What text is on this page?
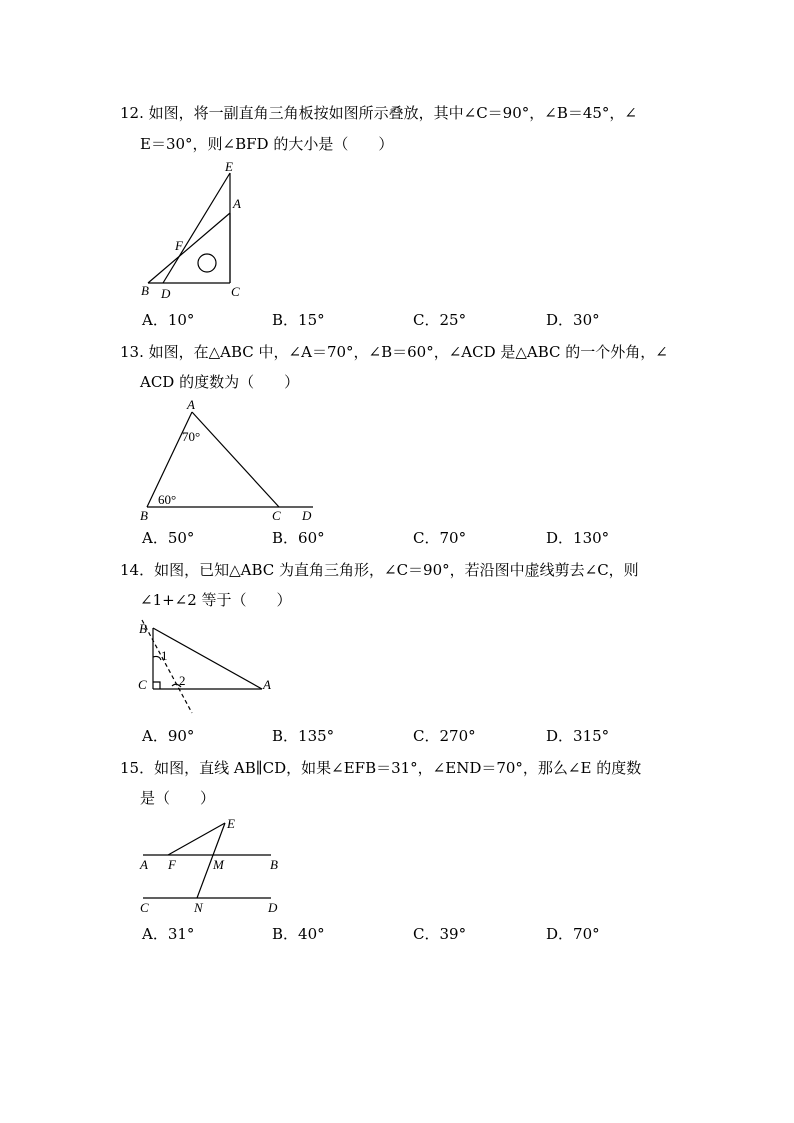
12. 如图，将一副直角三角板按如图所示叠放，其中∠C＝90°，∠B＝45°，∠
E＝30°，则∠BFD 的大小是（　　）
E
A
F
B D	C
A．10°	B．15°	C．25°	D．30°
13. 如图，在△ABC 中，∠A＝70°，∠B＝60°，∠ACD 是△ABC 的一个外角，∠
ACD 的度数为（　　）
A
70°
60°
B	C D
A．50°	B．60°	C．70°	D．130°
14．如图，已知△ABC 为直角三角形，∠C＝90°，若沿图中虚线剪去∠C，则
∠1+∠2 等于（　　）
B
1
C 2	A
A．90°	B．135°	C．270°	D．315°
15．如图，直线 AB∥CD，如果∠EFB＝31°，∠END＝70°，那么∠E 的度数
是（　　）
E
A F	M	B
C	N	D
A．31°	B．40°	C．39°	D．70°
